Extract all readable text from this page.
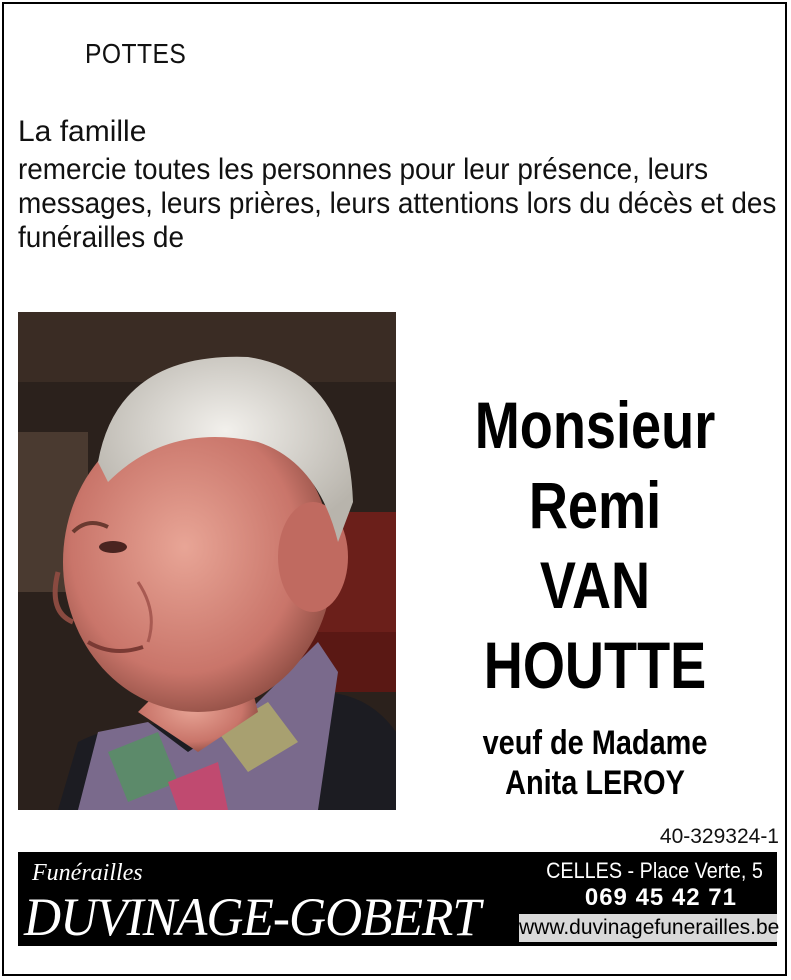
POTTES
La famille
remercie toutes les personnes pour leur présence, leurs messages, leurs prières, leurs attentions lors du décès et des funérailles de
Monsieur
Remi
VAN HOUTTE
veuf de Madame
Anita LEROY
40-329324-1
Funérailles
DUVINAGE-GOBERT
CELLES - Place Verte, 5
069 45 42 71
www.duvinagefunerailles.be
